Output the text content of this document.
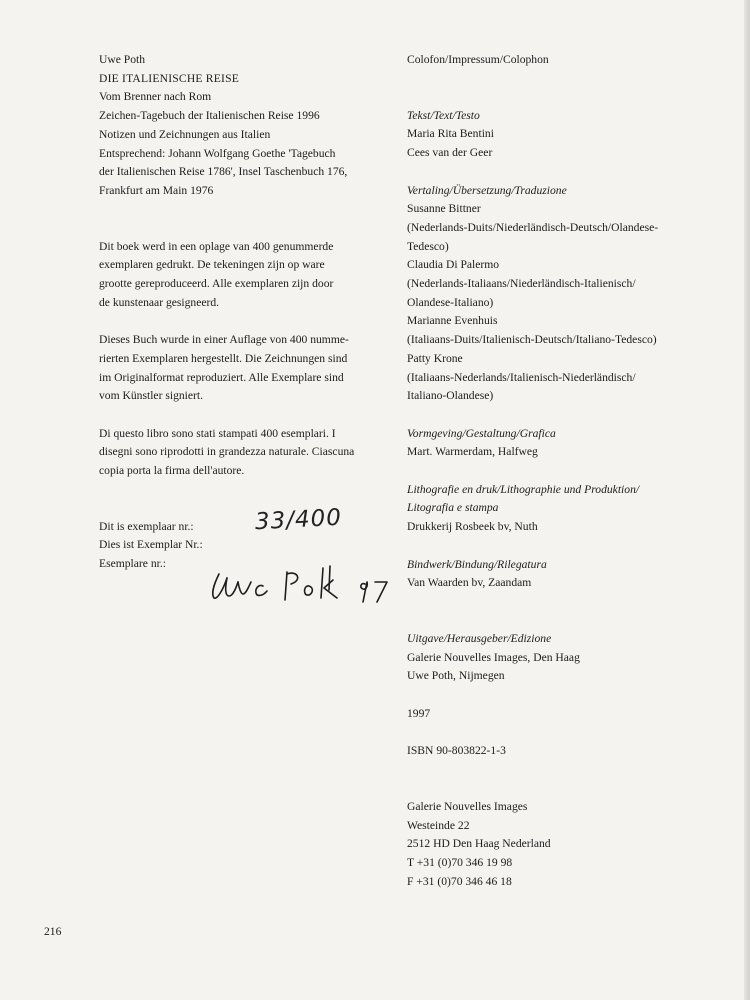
Uwe Poth
DIE ITALIENISCHE REISE
Vom Brenner nach Rom
Zeichen-Tagebuch der Italienischen Reise 1996
Notizen und Zeichnungen aus Italien
Entsprechend: Johann Wolfgang Goethe 'Tagebuch
der Italienischen Reise 1786', Insel Taschenbuch 176,
Frankfurt am Main 1976
Dit boek werd in een oplage van 400 genummerde
exemplaren gedrukt. De tekeningen zijn op ware
grootte gereproduceerd. Alle exemplaren zijn door
de kunstenaar gesigneerd.
Dieses Buch wurde in einer Auflage von 400 numme-
rierten Exemplaren hergestellt. Die Zeichnungen sind
im Originalformat reproduziert. Alle Exemplare sind
vom Künstler signiert.
Di questo libro sono stati stampati 400 esemplari. I
disegni sono riprodotti in grandezza naturale. Ciascuna
copia porta la firma dell'autore.
Dit is exemplaar nr.:
Dies ist Exemplar Nr.:
Esemplare nr.:
33/400
Colofon/Impressum/Colophon
Tekst/Text/Testo
Maria Rita Bentini
Cees van der Geer
Vertaling/Übersetzung/Traduzione
Susanne Bittner
(Nederlands-Duits/Niederländisch-Deutsch/Olandese-
Tedesco)
Claudia Di Palermo
(Nederlands-Italiaans/Niederländisch-Italienisch/
Olandese-Italiano)
Marianne Evenhuis
(Italiaans-Duits/Italienisch-Deutsch/Italiano-Tedesco)
Patty Krone
(Italiaans-Nederlands/Italienisch-Niederländisch/
Italiano-Olandese)
Vormgeving/Gestaltung/Grafica
Mart. Warmerdam, Halfweg
Lithografie en druk/Lithographie und Produktion/
Litografia e stampa
Drukkerij Rosbeek bv, Nuth
Bindwerk/Bindung/Rilegatura
Van Waarden bv, Zaandam
Uitgave/Herausgeber/Edizione
Galerie Nouvelles Images, Den Haag
Uwe Poth, Nijmegen
1997
ISBN 90-803822-1-3
Galerie Nouvelles Images
Westeinde 22
2512 HD Den Haag Nederland
T +31 (0)70 346 19 98
F +31 (0)70 346 46 18
216
